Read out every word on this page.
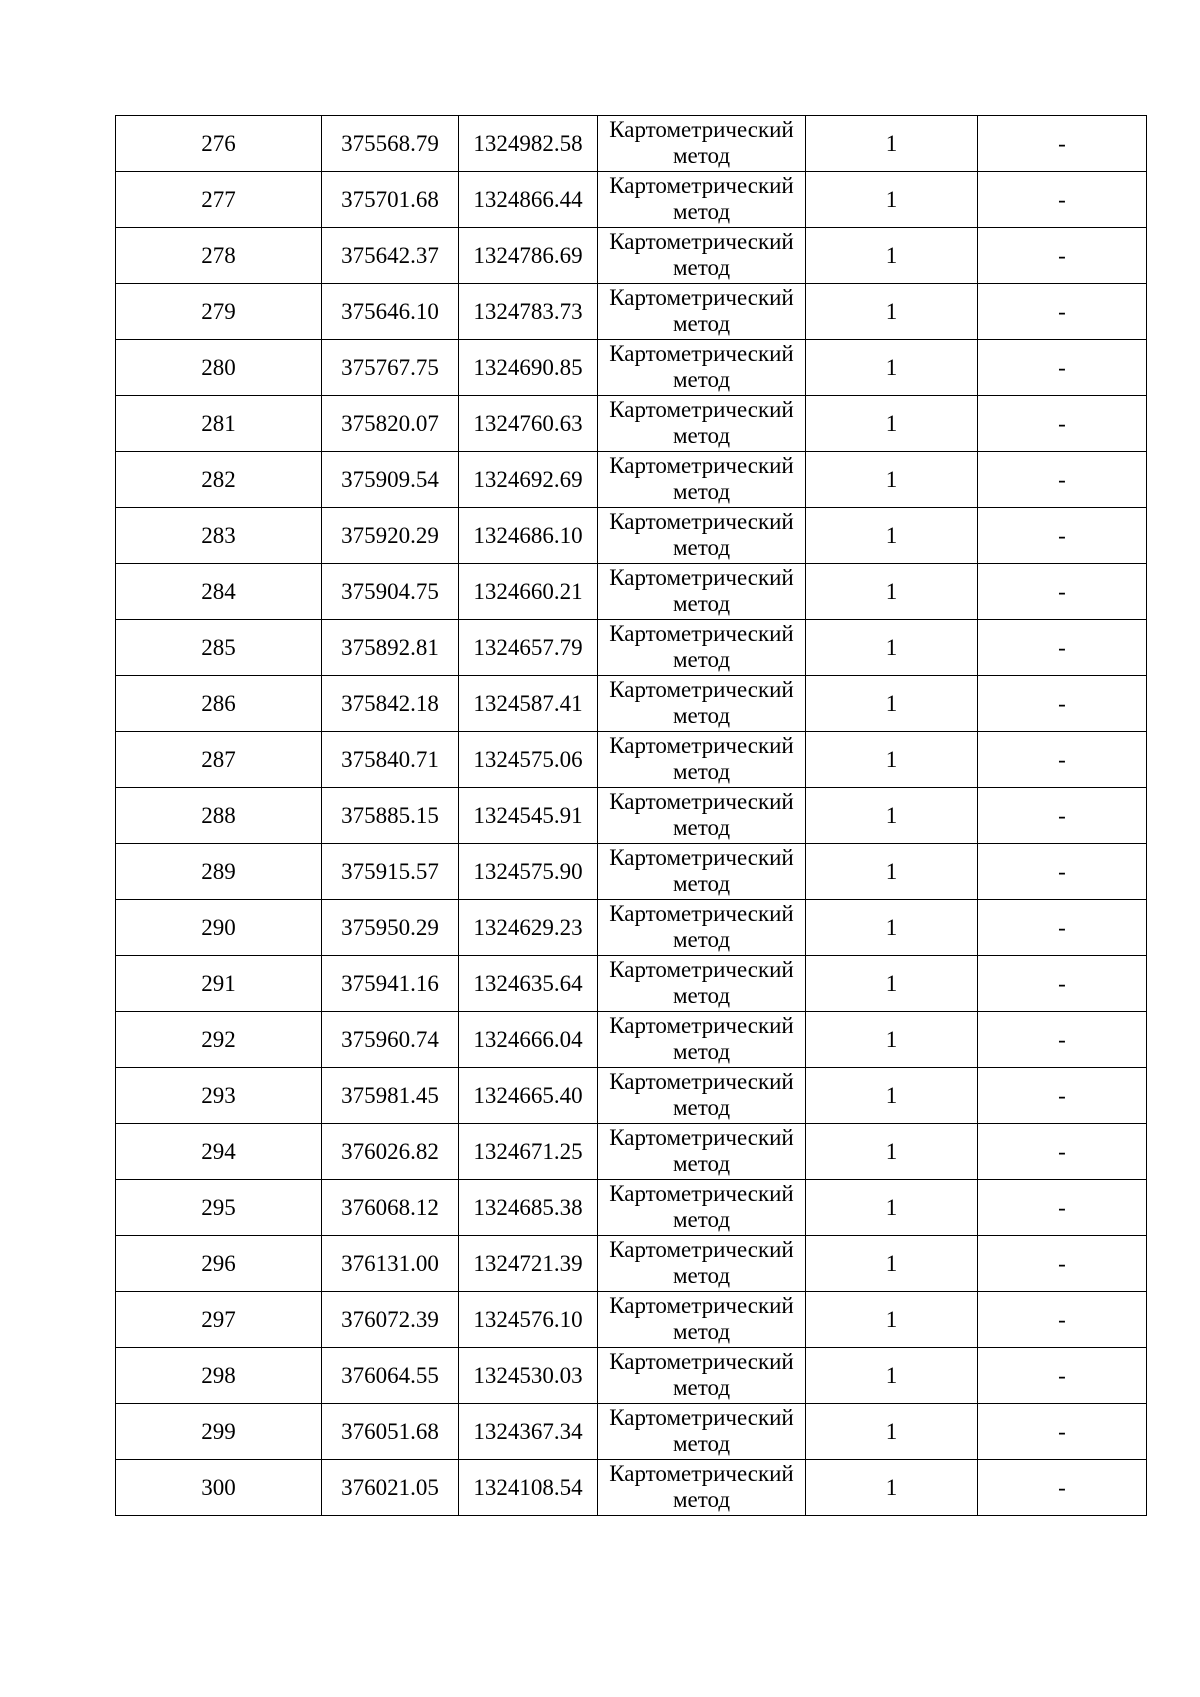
276	375568.79	1324982.58	Картометрический метод	1	-
277	375701.68	1324866.44	Картометрический метод	1	-
278	375642.37	1324786.69	Картометрический метод	1	-
279	375646.10	1324783.73	Картометрический метод	1	-
280	375767.75	1324690.85	Картометрический метод	1	-
281	375820.07	1324760.63	Картометрический метод	1	-
282	375909.54	1324692.69	Картометрический метод	1	-
283	375920.29	1324686.10	Картометрический метод	1	-
284	375904.75	1324660.21	Картометрический метод	1	-
285	375892.81	1324657.79	Картометрический метод	1	-
286	375842.18	1324587.41	Картометрический метод	1	-
287	375840.71	1324575.06	Картометрический метод	1	-
288	375885.15	1324545.91	Картометрический метод	1	-
289	375915.57	1324575.90	Картометрический метод	1	-
290	375950.29	1324629.23	Картометрический метод	1	-
291	375941.16	1324635.64	Картометрический метод	1	-
292	375960.74	1324666.04	Картометрический метод	1	-
293	375981.45	1324665.40	Картометрический метод	1	-
294	376026.82	1324671.25	Картометрический метод	1	-
295	376068.12	1324685.38	Картометрический метод	1	-
296	376131.00	1324721.39	Картометрический метод	1	-
297	376072.39	1324576.10	Картометрический метод	1	-
298	376064.55	1324530.03	Картометрический метод	1	-
299	376051.68	1324367.34	Картометрический метод	1	-
300	376021.05	1324108.54	Картометрический метод	1	-
